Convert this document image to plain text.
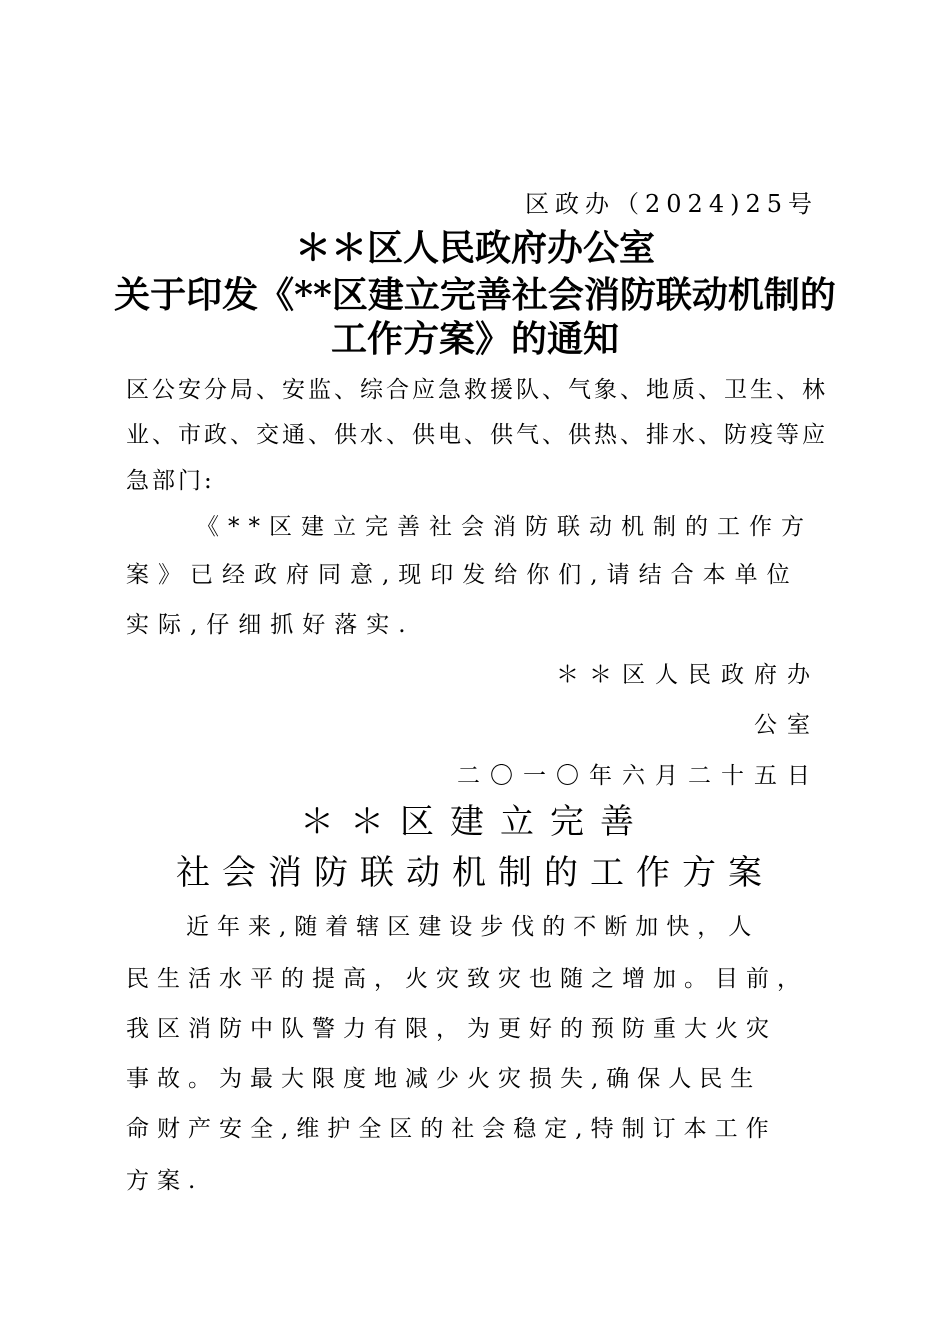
区政办（2024)25号
＊＊区人民政府办公室
关于印发《**区建立完善社会消防联动机制的
工作方案》的通知
区公安分局、安监、综合应急救援队、气象、地质、卫生、林
业、市政、交通、供水、供电、供气、供热、排水、防疫等应
急部门:
《**区建立完善社会消防联动机制的工作方
案》已经政府同意,现印发给你们,请结合本单位
实际,仔细抓好落实.
＊＊区人民政府办
公室
二〇一〇年六月二十五日
＊＊区建立完善
社会消防联动机制的工作方案
近年来,随着辖区建设步伐的不断加快，人
民生活水平的提高，火灾致灾也随之增加。目前，
我区消防中队警力有限，为更好的预防重大火灾
事故。为最大限度地减少火灾损失,确保人民生
命财产安全,维护全区的社会稳定,特制订本工作
方案.
